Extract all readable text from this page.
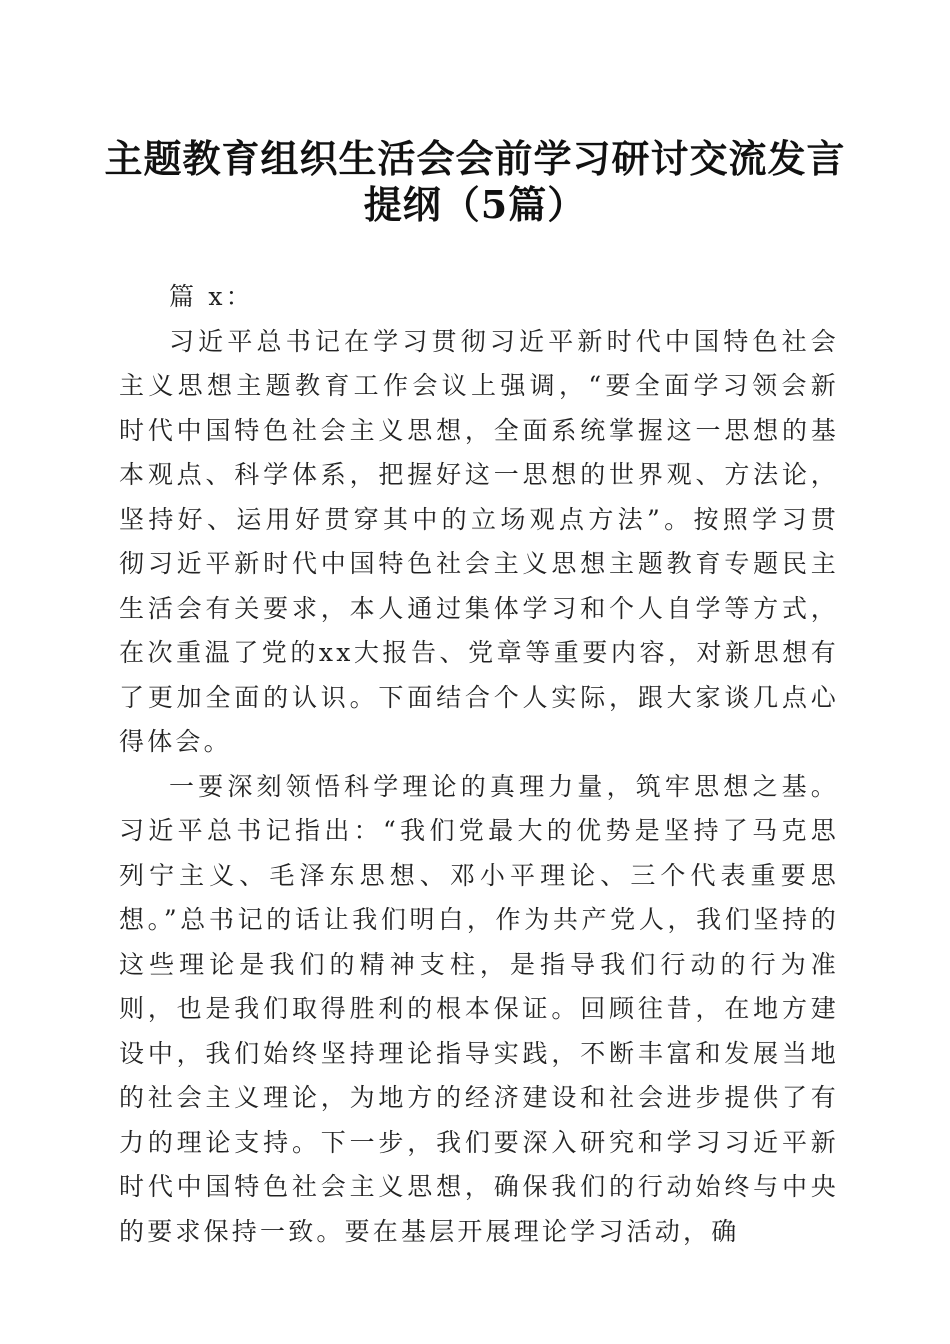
主题教育组织生活会会前学习研讨交流发言提纲（5篇）

篇 x：

习近平总书记在学习贯彻习近平新时代中国特色社会主义思想主题教育工作会议上强调，“要全面学习领会新时代中国特色社会主义思想，全面系统掌握这一思想的基本观点、科学体系，把握好这一思想的世界观、方法论，坚持好、运用好贯穿其中的立场观点方法”。按照学习贯彻习近平新时代中国特色社会主义思想主题教育专题民主生活会有关要求，本人通过集体学习和个人自学等方式，在次重温了党的xx大报告、党章等重要内容，对新思想有了更加全面的认识。下面结合个人实际，跟大家谈几点心得体会。

一要深刻领悟科学理论的真理力量，筑牢思想之基。习近平总书记指出：“我们党最大的优势是坚持了马克思列宁主义、毛泽东思想、邓小平理论、三个代表重要思想。”总书记的话让我们明白，作为共产党人，我们坚持的这些理论是我们的精神支柱，是指导我们行动的行为准则，也是我们取得胜利的根本保证。回顾往昔，在地方建设中，我们始终坚持理论指导实践，不断丰富和发展当地的社会主义理论，为地方的经济建设和社会进步提供了有力的理论支持。下一步，我们要深入研究和学习习近平新时代中国特色社会主义思想，确保我们的行动始终与中央的要求保持一致。要在基层开展理论学习活动，确
